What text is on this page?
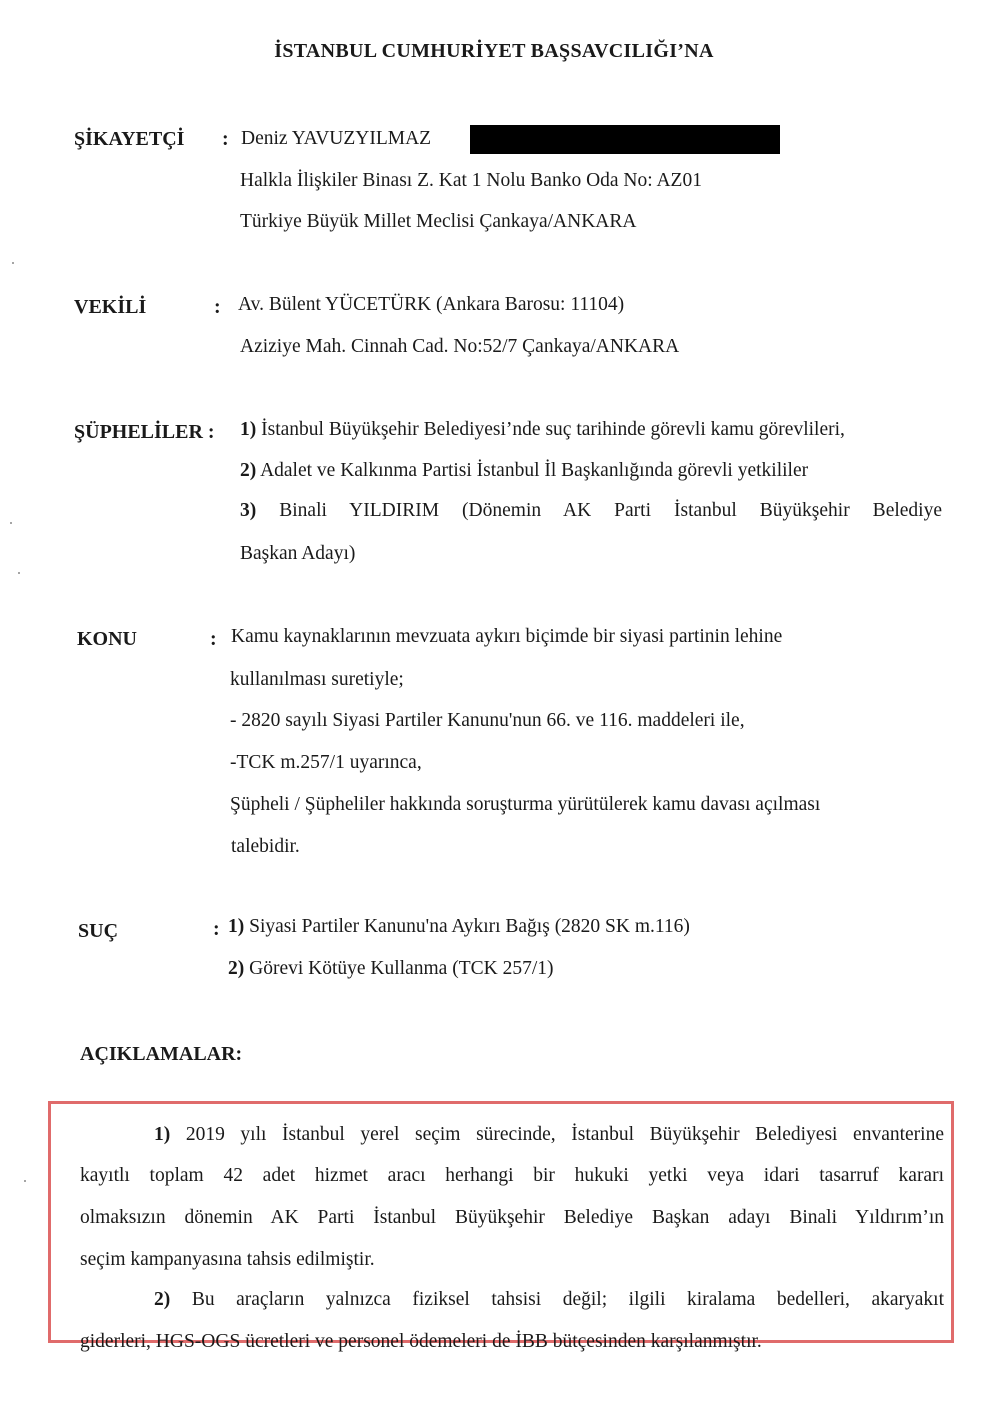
İSTANBUL CUMHURİYET BAŞSAVCILIĞI’NA
ŞİKAYETÇİ : Deniz YAVUZYILMAZ
Halkla İlişkiler Binası Z. Kat 1 Nolu Banko Oda No: AZ01
Türkiye Büyük Millet Meclisi Çankaya/ANKARA
VEKİLİ	: Av. Bülent YÜCETÜRK (Ankara Barosu: 11104)
Aziziye Mah. Cinnah Cad. No:52/7 Çankaya/ANKARA
ŞÜPHELİLER : 1) İstanbul Büyükşehir Belediyesi’nde suç tarihinde görevli kamu görevlileri,
2) Adalet ve Kalkınma Partisi İstanbul İl Başkanlığında görevli yetkililer
3) Binali YILDIRIM (Dönemin AK Parti İstanbul Büyükşehir Belediye
Başkan Adayı)
KONU	: Kamu kaynaklarının mevzuata aykırı biçimde bir siyasi partinin lehine
kullanılması suretiyle;
- 2820 sayılı Siyasi Partiler Kanunu'nun 66. ve 116. maddeleri ile,
-TCK m.257/1 uyarınca,
Şüpheli / Şüpheliler hakkında soruşturma yürütülerek kamu davası açılması
talebidir.
SUÇ	: 1) Siyasi Partiler Kanunu'na Aykırı Bağış (2820 SK m.116)
2) Görevi Kötüye Kullanma (TCK 257/1)
AÇIKLAMALAR:
1) 2019 yılı İstanbul yerel seçim sürecinde, İstanbul Büyükşehir Belediyesi envanterine
kayıtlı toplam 42 adet hizmet aracı herhangi bir hukuki yetki veya idari tasarruf kararı
olmaksızın dönemin AK Parti İstanbul Büyükşehir Belediye Başkan adayı Binali Yıldırım’ın
seçim kampanyasına tahsis edilmiştir.
2) Bu araçların yalnızca fiziksel tahsisi değil; ilgili kiralama bedelleri, akaryakıt
giderleri, HGS-OGS ücretleri ve personel ödemeleri de İBB bütçesinden karşılanmıştır.
